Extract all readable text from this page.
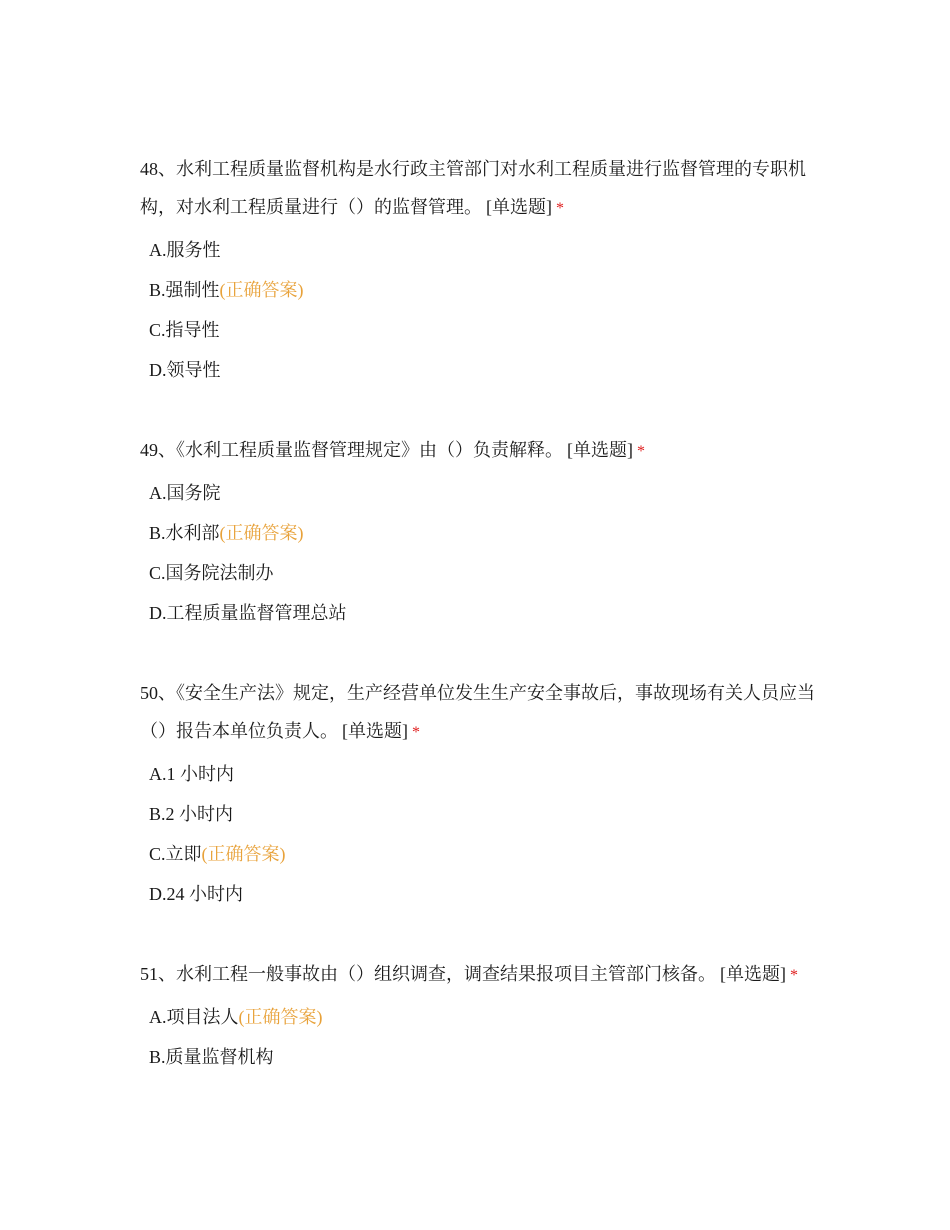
48、水利工程质量监督机构是水行政主管部门对水利工程质量进行监督管理的专职机构，对水利工程质量进行（）的监督管理。 [单选题] *

A.服务性
B.强制性(正确答案)
C.指导性
D.领导性

49、《水利工程质量监督管理规定》由（）负责解释。 [单选题] *

A.国务院
B.水利部(正确答案)
C.国务院法制办
D.工程质量监督管理总站

50、《安全生产法》规定，生产经营单位发生生产安全事故后，事故现场有关人员应当（）报告本单位负责人。 [单选题] *

A.1 小时内
B.2 小时内
C.立即(正确答案)
D.24 小时内

51、水利工程一般事故由（）组织调查，调查结果报项目主管部门核备。 [单选题] *

A.项目法人(正确答案)
B.质量监督机构
